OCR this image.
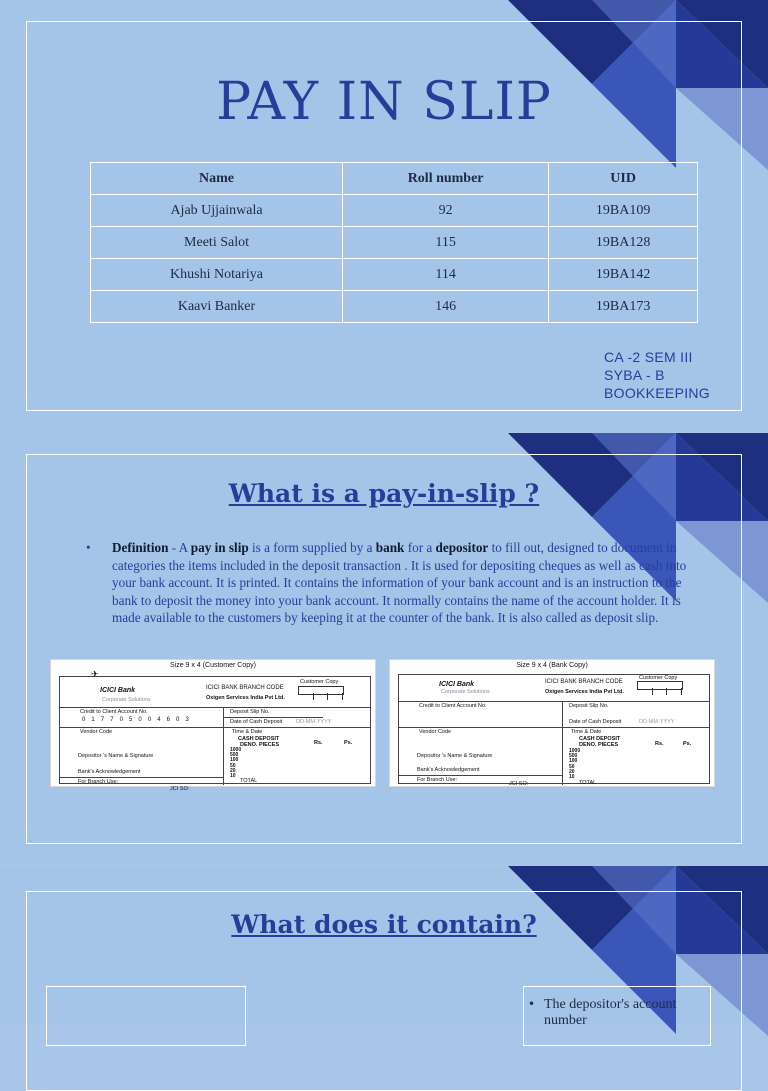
PAY IN SLIP
Name	Roll number	UID
Ajab Ujjainwala	92	19BA109
Meeti Salot	115	19BA128
Khushi Notariya	114	19BA142
Kaavi Banker	146	19BA173
CA -2 SEM III
SYBA - B
BOOKKEEPING
What is a pay-in-slip ?
• Definition - A pay in slip is a form supplied by a bank for a depositor to fill out, designed to document in categories the items included in the deposit transaction . It is used for depositing cheques as well as cash into your bank account. It is printed. It contains the information of your bank account and is an instruction to the bank to deposit the money into your bank account. It normally contains the name of the account holder. It is made available to the customers by keeping it at the counter of the bank. It is also called as deposit slip.
Size 9 x 4 (Customer Copy)
✈
ICICI Bank
Corporate Solutions
ICICI BANK BRANCH CODE
Oxigen Services India Pvt Ltd.
Customer Copy
Credit to Client Account No.
0 1 7 7 0 5 0 0 4 6 0 3
Deposit Slip No.
Date of Cash Deposit DD-MM-YYYY
Vendor Code	Time & Date
CASH DEPOSIT
DENO. PIECES	Rs.	Ps.
1000
500
100
50
20
10
Depositor 's Name & Signature
Bank's Acknowledgement
TOTAL
For Branch Use:
JCI SO:
Size 9 x 4 (Bank Copy)
ICICI Bank
Corporate Solutions
ICICI BANK BRANCH CODE
Oxigen Services India Pvt Ltd.
Customer Copy
Credit to Client Account No.	Deposit Slip No.
Date of Cash Deposit	DD-MM-YYYY
Vendor Code	Time & Date
CASH DEPOSIT
DENO. PIECES	Rs.	Ps.
1000
500
100
50
20
10
Depositor 's Name & Signature
Bank's Acknowledgement
TOTAL
For Branch Use:
JCI SO:
What does it contain?
• The depositor's account number
